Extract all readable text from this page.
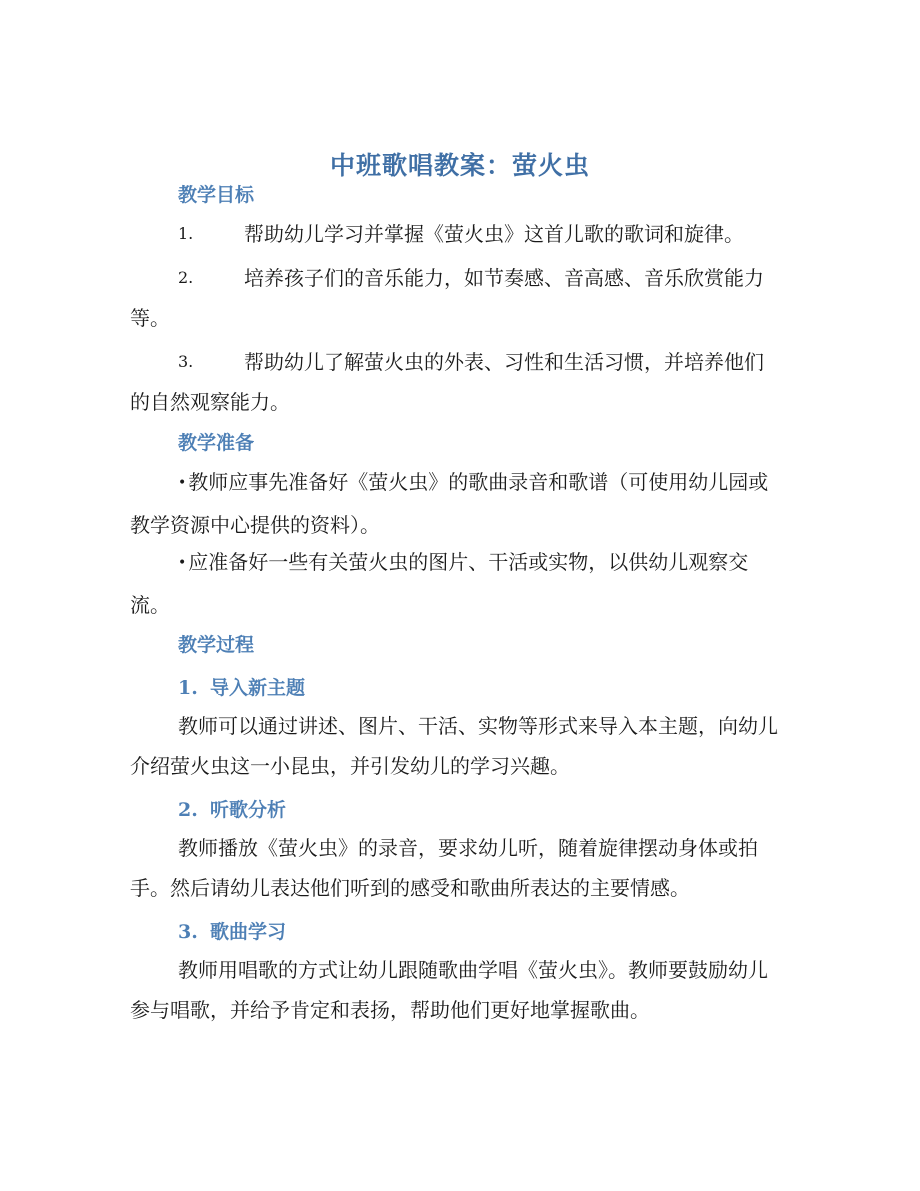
中班歌唱教案：萤火虫
教学目标
1.	帮助幼儿学习并掌握《萤火虫》这首儿歌的歌词和旋律。
2.	培养孩子们的音乐能力，如节奏感、音高感、音乐欣赏能力等。
3.	帮助幼儿了解萤火虫的外表、习性和生活习惯，并培养他们的自然观察能力。
教学准备
• 教师应事先准备好《萤火虫》的歌曲录音和歌谱（可使用幼儿园或教学资源中心提供的资料）。
• 应准备好一些有关萤火虫的图片、干活或实物，以供幼儿观察交流。
教学过程
1. 导入新主题
教师可以通过讲述、图片、干活、实物等形式来导入本主题，向幼儿介绍萤火虫这一小昆虫，并引发幼儿的学习兴趣。
2. 听歌分析
教师播放《萤火虫》的录音，要求幼儿听，随着旋律摆动身体或拍手。然后请幼儿表达他们听到的感受和歌曲所表达的主要情感。
3. 歌曲学习
教师用唱歌的方式让幼儿跟随歌曲学唱《萤火虫》。教师要鼓励幼儿参与唱歌，并给予肯定和表扬，帮助他们更好地掌握歌曲。
